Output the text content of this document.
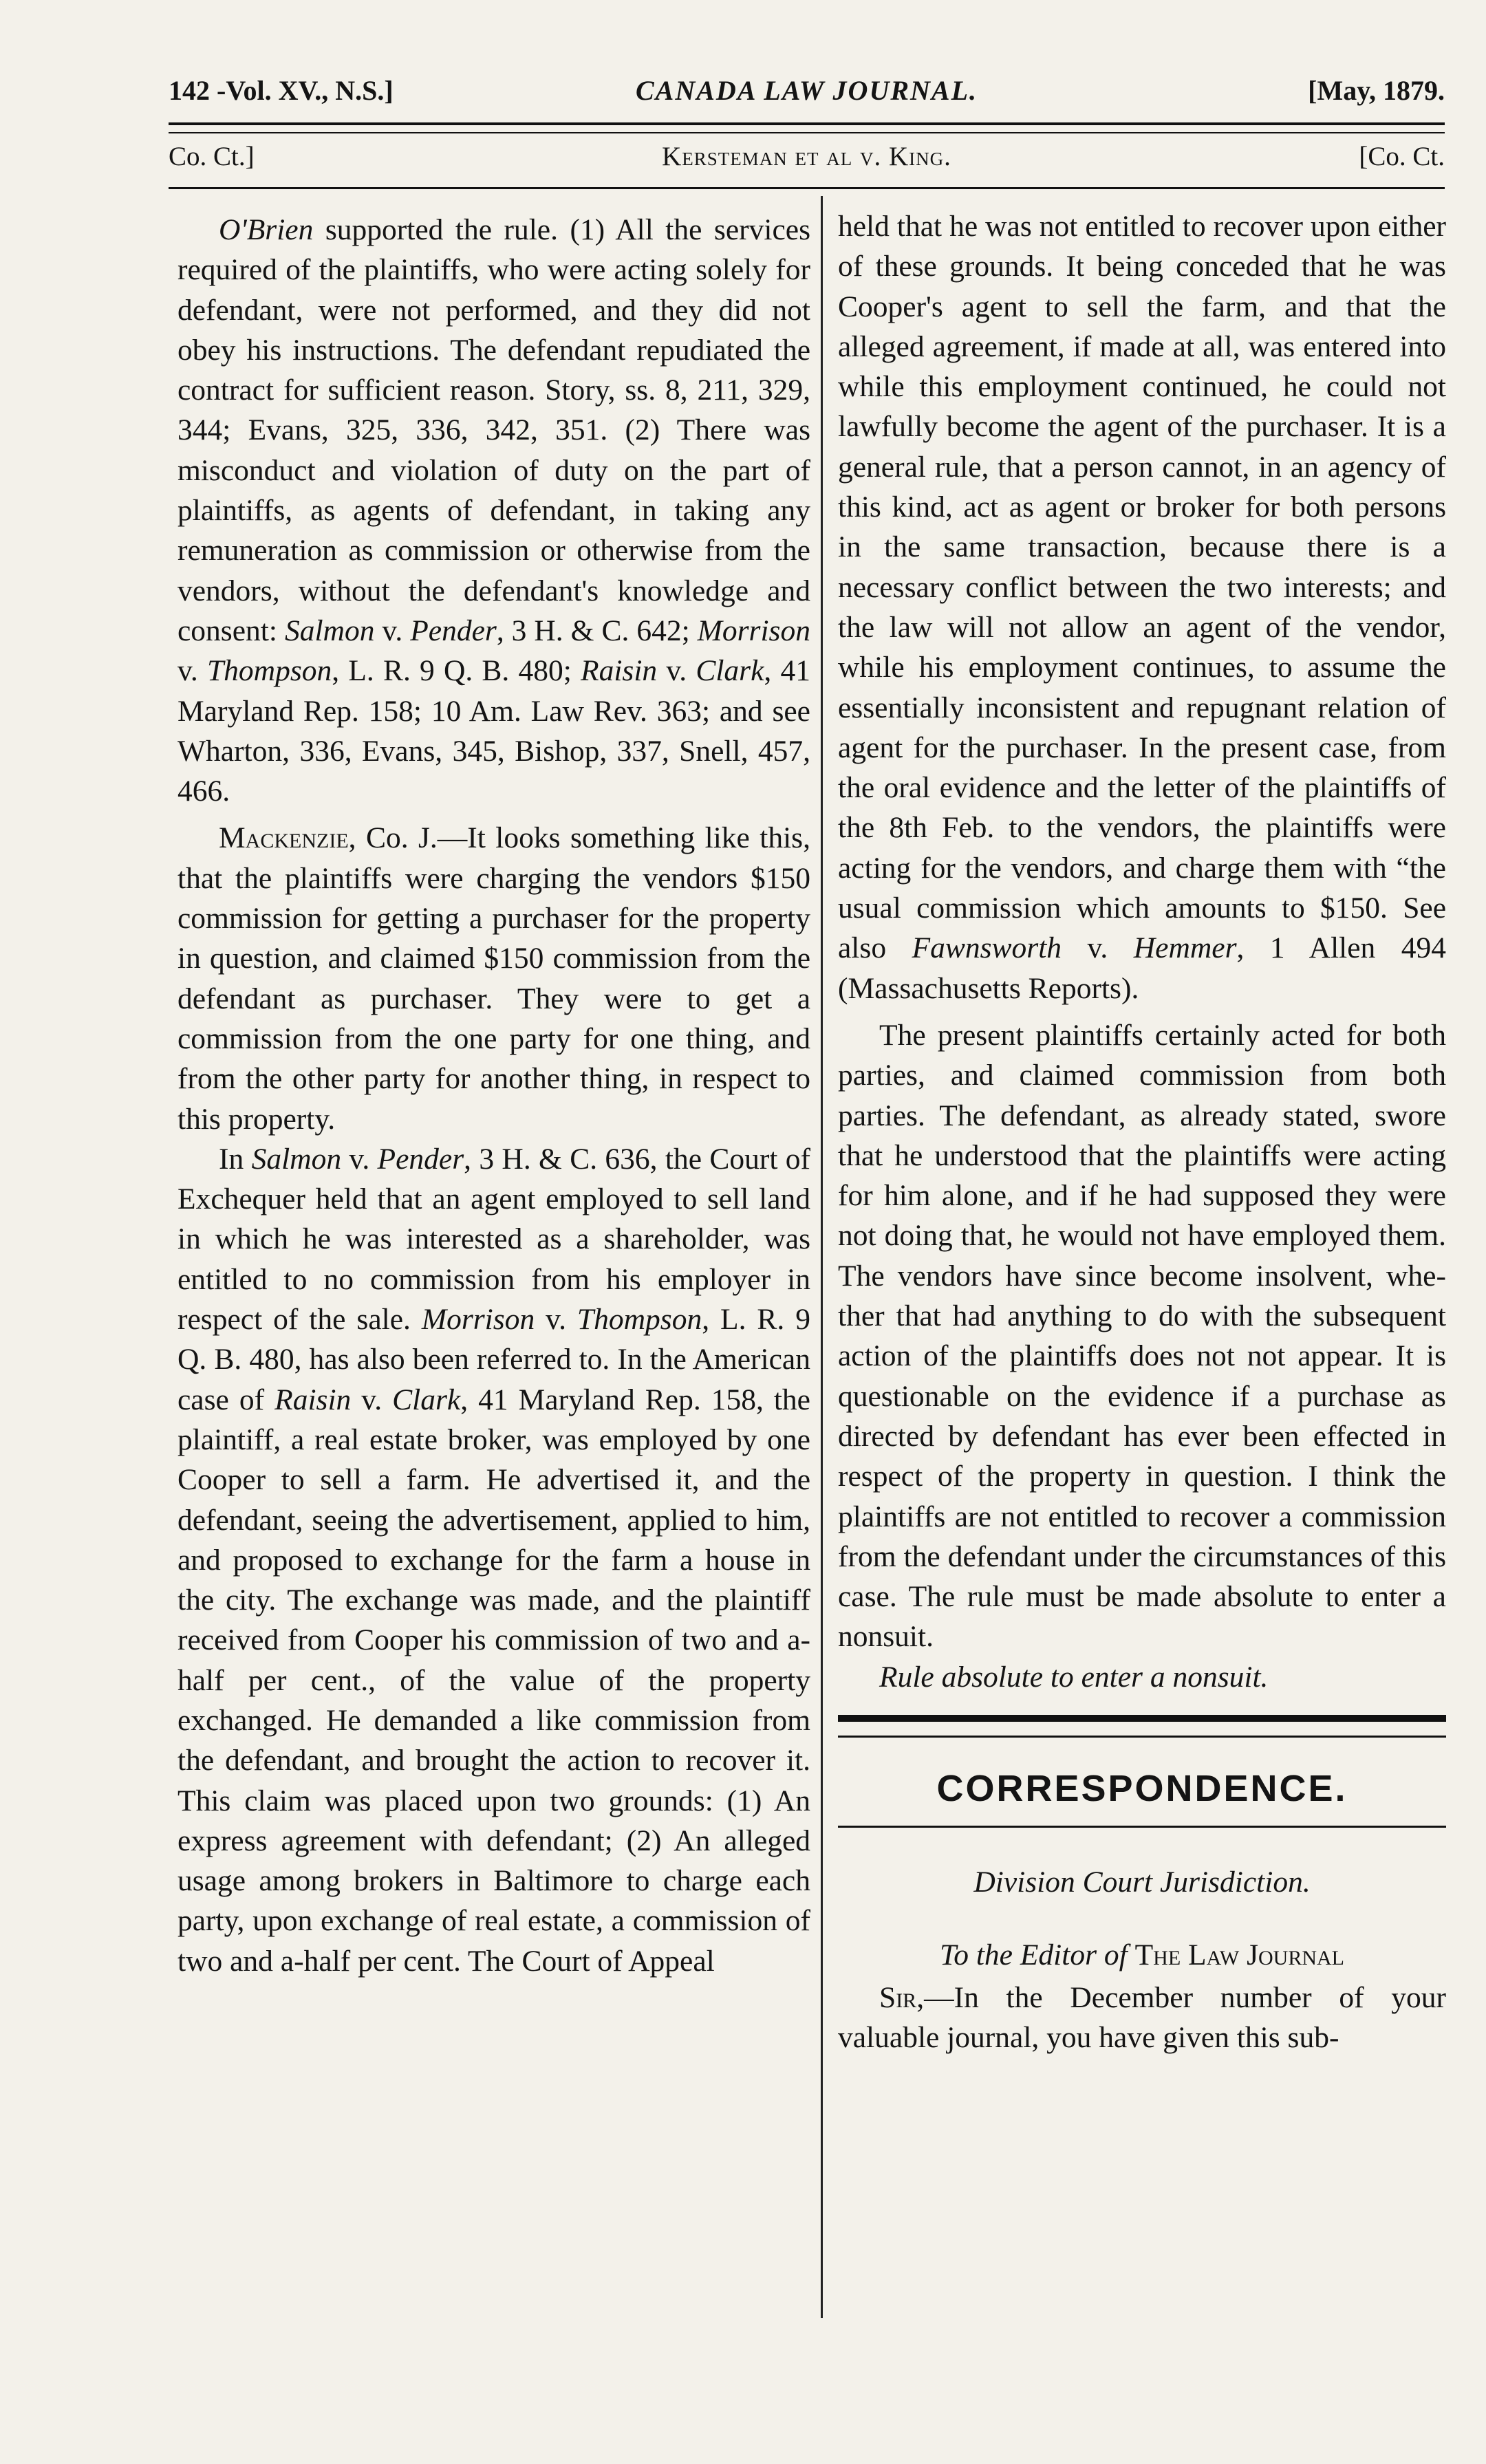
142 -Vol. XV., N.S.]	CANADA LAW JOURNAL.	[May, 1879.
Co. Ct.]	Kersteman et al v. King.	[Co. Ct.

O'Brien supported the rule. (1) All the services required of the plaintiffs, who were acting solely for defendant, were not performed, and they did not obey his instructions. The defendant repudiated the contract for sufficient reason. Story, ss. 8, 211, 329, 344; Evans, 325, 336, 342, 351. (2) There was misconduct and violation of duty on the part of plaintiffs, as agents of defendant, in taking any remuneration as commission or otherwise from the vendors, without the defendant's knowledge and consent: Salmon v. Pender, 3 H. & C. 642; Morrison v. Thompson, L. R. 9 Q. B. 480; Raisin v. Clark, 41 Maryland Rep. 158; 10 Am. Law Rev. 363; and see Wharton, 336, Evans, 345, Bishop, 337, Snell, 457, 466.

Mackenzie, Co. J.—It looks something like this, that the plaintiffs were charging the vendors $150 commission for getting a purchaser for the property in question, and claimed $150 commission from the defendant as purchaser. They were to get a commission from the one party for one thing, and from the other party for another thing, in respect to this property.

In Salmon v. Pender, 3 H. & C. 636, the Court of Exchequer held that an agent employed to sell land in which he was interested as a shareholder, was entitled to no commission from his employer in respect of the sale. Morrison v. Thompson, L. R. 9 Q. B. 480, has also been referred to. In the American case of Raisin v. Clark, 41 Maryland Rep. 158, the plaintiff, a real estate broker, was employed by one Cooper to sell a farm. He advertised it, and the defendant, seeing the advertisement, applied to him, and proposed to exchange for the farm a house in the city. The exchange was made, and the plaintiff received from Cooper his commission of two and a-half per cent., of the value of the property exchanged. He demanded a like commission from the defendant, and brought the action to recover it. This claim was placed upon two grounds: (1) An express agreement with defendant; (2) An alleged usage among brokers in Baltimore to charge each party, upon exchange of real estate, a commission of two and a-half per cent. The Court of Appeal

held that he was not entitled to recover upon either of these grounds. It being conceded that he was Cooper's agent to sell the farm, and that the alleged agreement, if made at all, was entered into while this employment continued, he could not lawfully become the agent of the purchaser. It is a general rule, that a person cannot, in an agency of this kind, act as agent or broker for both persons in the same transaction, because there is a necessary conflict between the two interests; and the law will not allow an agent of the vendor, while his employment continues, to assume the essentially inconsistent and repugnant relation of agent for the purchaser. In the present case, from the oral evidence and the letter of the plaintiffs of the 8th Feb. to the vendors, the plaintiffs were acting for the vendors, and charge them with “the usual commission which amounts to $150. See also Fawnsworth v. Hemmer, 1 Allen 494 (Massachusetts Reports).

The present plaintiffs certainly acted for both parties, and claimed commission from both parties. The defendant, as already stated, swore that he understood that the plaintiffs were acting for him alone, and if he had supposed they were not doing that, he would not have employed them. The vendors have since become insolvent, whether that had anything to do with the subsequent action of the plaintiffs does not not appear. It is questionable on the evidence if a purchase as directed by defendant has ever been effected in respect of the property in question. I think the plaintiffs are not entitled to recover a commission from the defendant under the circumstances of this case. The rule must be made absolute to enter a nonsuit.

Rule absolute to enter a nonsuit.

CORRESPONDENCE.
Division Court Jurisdiction.
To the Editor of The Law Journal

Sir,—In the December number of your valuable journal, you have given this sub-
